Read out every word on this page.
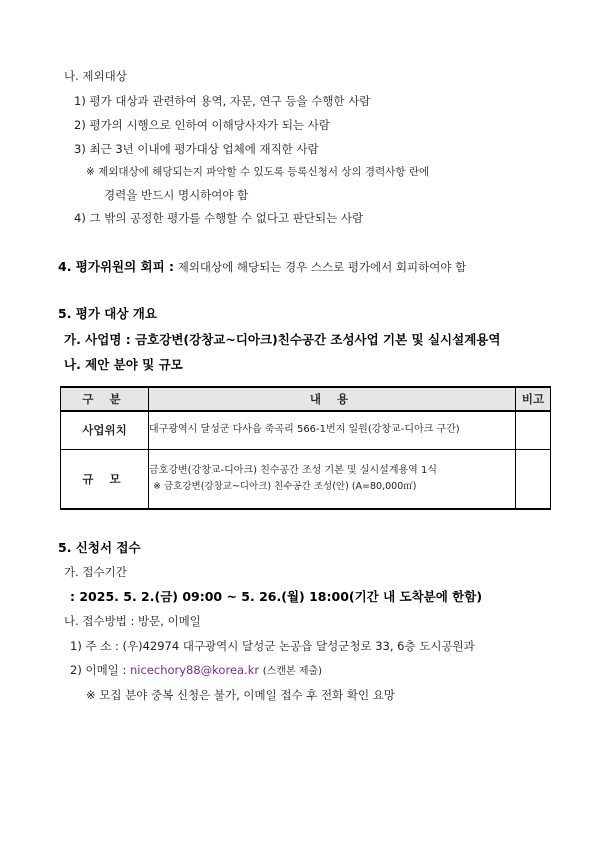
나. 제외대상
1) 평가 대상과 관련하여 용역, 자문, 연구 등을 수행한 사람
2) 평가의 시행으로 인하여 이해당사자가 되는 사람
3) 최근 3년 이내에 평가대상 업체에 재직한 사람
※ 제외대상에 해당되는지 파악할 수 있도록 등록신청서 상의 경력사항 란에
경력을 반드시 명시하여야 함
4) 그 밖의 공정한 평가를 수행할 수 없다고 판단되는 사람
4. 평가위원의 회피 : 제외대상에 해당되는 경우 스스로 평가에서 회피하여야 함
5. 평가 대상 개요
가. 사업명 : 금호강변(강창교~디아크)친수공간 조성사업 기본 및 실시설계용역
나. 제안 분야 및 규모
구 분	내 용	비고
사업위치	대구광역시 달성군 다사읍 죽곡리 566-1번지 일원(강창교-디아크 구간)	
규 모	금호강변(강창교-디아크) 친수공간 조성 기본 및 실시설계용역 1식
※ 금호강변(강창교~디아크) 친수공간 조성(안) (A=80,000㎡)	

5. 신청서 접수
가. 접수기간
: 2025. 5. 2.(금) 09:00 ~ 5. 26.(월) 18:00(기간 내 도착분에 한함)
나. 접수방법 : 방문, 이메일
1) 주 소 : (우)42974 대구광역시 달성군 논공읍 달성군청로 33, 6층 도시공원과
2) 이메일 : nicechory88@korea.kr (스캔본 제출)
※ 모집 분야 중복 신청은 불가, 이메일 접수 후 전화 확인 요망
